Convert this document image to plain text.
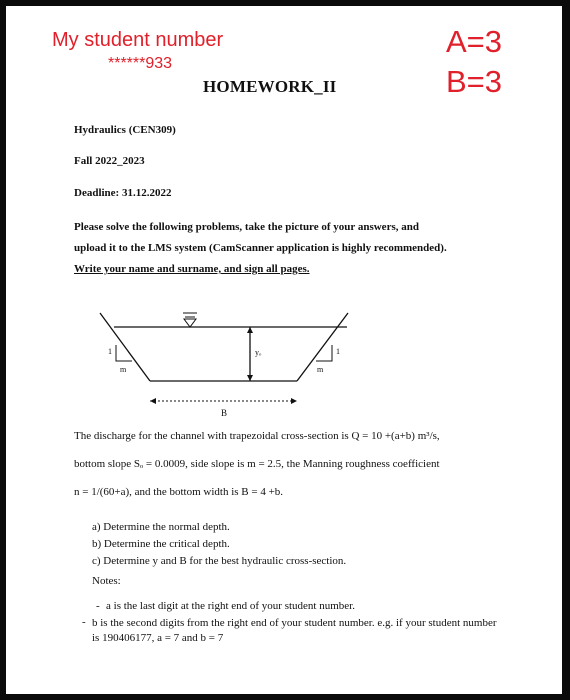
My student number
******933
A=3
B=3
HOMEWORK_II
Hydraulics (CEN309)
Fall 2022_2023
Deadline: 31.12.2022
Please solve the following problems, take the picture of your answers, and
upload it to the LMS system (CamScanner application is highly recommended).
Write your name and surname, and sign all pages.
1
m
1
m
yₒ
B
The discharge for the channel with trapezoidal cross-section is Q = 10 +(a+b) m³/s,
bottom slope Sₒ = 0.0009, side slope is m = 2.5, the Manning roughness coefficient
n = 1/(60+a), and the bottom width is B = 4 +b.
a) Determine the normal depth.
b) Determine the critical depth.
c) Determine y and B for the best hydraulic cross-section.
Notes:
- a is the last digit at the right end of your student number.
- b is the second digits from the right end of your student number. e.g. if your student number is 190406177, a = 7 and b = 7
